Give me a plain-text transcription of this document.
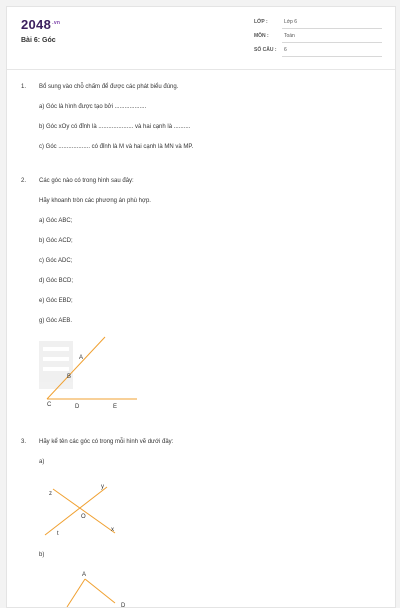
$2048^{.vn}$
Bài 6: Góc
LỚP :	Lớp 6
MÔN :	Toán
SỐ CÂU : 6
1. Bổ sung vào chỗ chấm để được các phát biểu đúng.
a) Góc là hình được tạo bởi ...................
b) Góc xOy có đỉnh là ..................... và hai cạnh là ..........
c) Góc ................... có đỉnh là M và hai cạnh là MN và MP.
2. Các góc nào có trong hình sau đây:
Hãy khoanh tròn các phương án phù hợp.
a) Góc ABC;
b) Góc ACD;
c) Góc ADC;
d) Góc BCD;
e) Góc EBD;
g) Góc AEB.
A
B
C	D	E
3. Hãy kể tên các góc có trong mỗi hình vẽ dưới đây:
a)
z
y
O
t
x
b)
A
D
